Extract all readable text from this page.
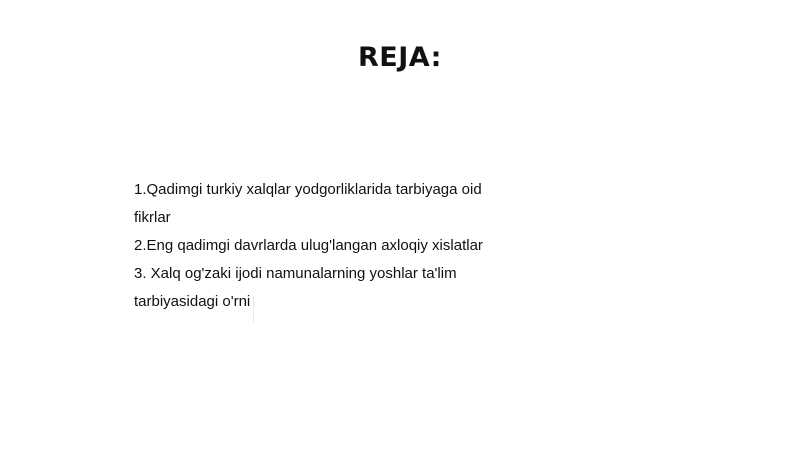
REJA:
1.Qadimgi turkiy xalqlar yodgorliklarida tarbiyaga oid fikrlar
2.Eng qadimgi davrlarda ulug'langan axloqiy xislatlar
3. Xalq og'zaki ijodi namunalarning yoshlar ta'lim tarbiyasidagi o'rni
